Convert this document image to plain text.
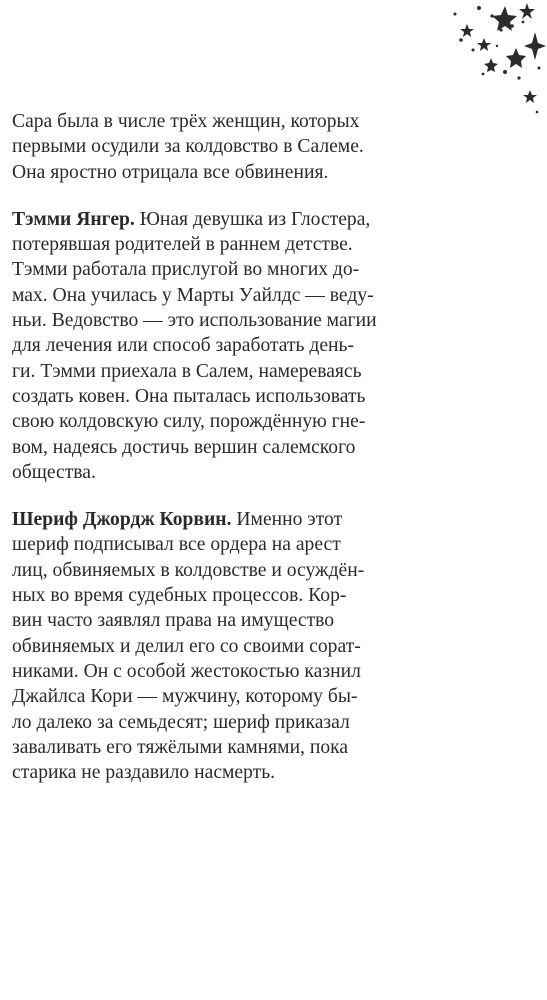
Сара была в числе трёх женщин, которых
первыми осудили за колдовство в Салеме.
Она яростно отрицала все обвинения.

Тэмми Янгер. Юная девушка из Глостера,
потерявшая родителей в раннем детстве.
Тэмми работала прислугой во многих до-
мах. Она училась у Марты Уайлдс — веду-
ньи. Ведовство — это использование магии
для лечения или способ заработать день-
ги. Тэмми приехала в Салем, намереваясь
создать ковен. Она пыталась использовать
свою колдовскую силу, порождённую гне-
вом, надеясь достичь вершин салемского
общества.

Шериф Джордж Корвин. Именно этот
шериф подписывал все ордера на арест
лиц, обвиняемых в колдовстве и осуждён-
ных во время судебных процессов. Кор-
вин часто заявлял права на имущество
обвиняемых и делил его со своими сорат-
никами. Он с особой жестокостью казнил
Джайлса Кори — мужчину, которому бы-
ло далеко за семьдесят; шериф приказал
заваливать его тяжёлыми камнями, пока
старика не раздавило насмерть.
